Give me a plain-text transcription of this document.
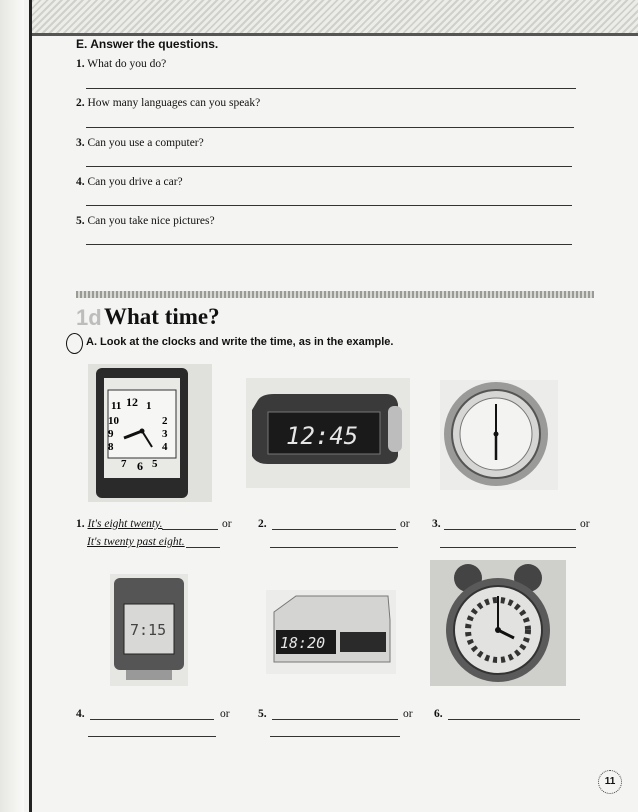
E. Answer the questions.
1. What do you do?
2. How many languages can you speak?
3. Can you use a computer?
4. Can you drive a car?
5. Can you take nice pictures?
1d What time?
A. Look at the clocks and write the time, as in the example.
11 12 1
10	2
9	3
8	4
7 6 5
12:45
1. It's eight twenty.	or
It's twenty past eight.
2.	or 3.	or
7:15
18:20
4.	or 5.	or 6.
11
